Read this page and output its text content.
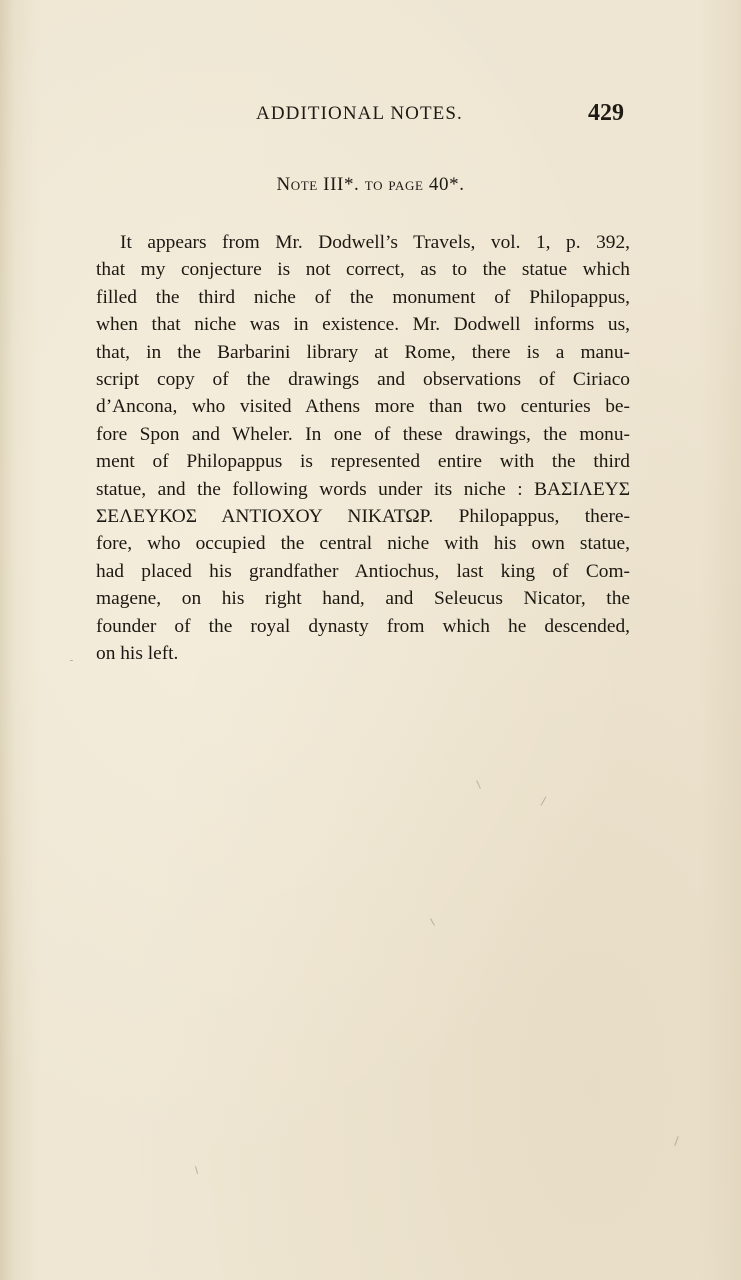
ADDITIONAL NOTES.	429
Note III*. to page 40*.
It appears from Mr. Dodwell’s Travels, vol. 1, p. 392,
that my conjecture is not correct, as to the statue which
filled the third niche of the monument of Philopappus,
when that niche was in existence. Mr. Dodwell informs us,
that, in the Barbarini library at Rome, there is a manu-
script copy of the drawings and observations of Ciriaco
d’Ancona, who visited Athens more than two centuries be-
fore Spon and Wheler. In one of these drawings, the monu-
ment of Philopappus is represented entire with the third
statue, and the following words under its niche : ΒΑΣΙΛΕΥΣ
ΣΕΛΕΥΚΟΣ ΑΝΤΙΟΧΟΥ ΝΙΚΑΤΩΡ. Philopappus, there-
fore, who occupied the central niche with his own statue,
had placed his grandfather Antiochus, last king of Com-
magene, on his right hand, and Seleucus Nicator, the
founder of the royal dynasty from which he descended,
on his left.
